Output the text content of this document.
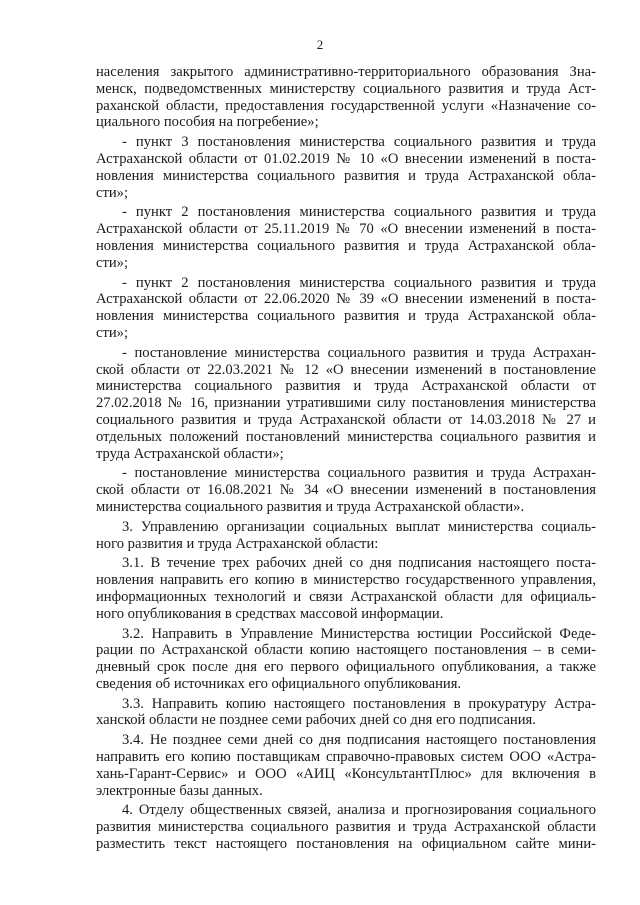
2
населения закрытого административно-территориального образования Зна-
менск, подведомственных министерству социального развития и труда Аст-
раханской области, предоставления государственной услуги «Назначение со-
циального пособия на погребение»;
- пункт 3 постановления министерства социального развития и труда
Астраханской области от 01.02.2019 № 10 «О внесении изменений в поста-
новления министерства социального развития и труда Астраханской обла-
сти»;
- пункт 2 постановления министерства социального развития и труда
Астраханской области от 25.11.2019 № 70 «О внесении изменений в поста-
новления министерства социального развития и труда Астраханской обла-
сти»;
- пункт 2 постановления министерства социального развития и труда
Астраханской области от 22.06.2020 № 39 «О внесении изменений в поста-
новления министерства социального развития и труда Астраханской обла-
сти»;
- постановление министерства социального развития и труда Астрахан-
ской области от 22.03.2021 № 12 «О внесении изменений в постановление
министерства социального развития и труда Астраханской области от
27.02.2018 № 16, признании утратившими силу постановления министерства
социального развития и труда Астраханской области от 14.03.2018 № 27 и
отдельных положений постановлений министерства социального развития и
труда Астраханской области»;
- постановление министерства социального развития и труда Астрахан-
ской области от 16.08.2021 № 34 «О внесении изменений в постановления
министерства социального развития и труда Астраханской области».
3. Управлению организации социальных выплат министерства социаль-
ного развития и труда Астраханской области:
3.1. В течение трех рабочих дней со дня подписания настоящего поста-
новления направить его копию в министерство государственного управления,
информационных технологий и связи Астраханской области для официаль-
ного опубликования в средствах массовой информации.
3.2. Направить в Управление Министерства юстиции Российской Феде-
рации по Астраханской области копию настоящего постановления – в семи-
дневный срок после дня его первого официального опубликования, а также
сведения об источниках его официального опубликования.
3.3. Направить копию настоящего постановления в прокуратуру Астра-
ханской области не позднее семи рабочих дней со дня его подписания.
3.4. Не позднее семи дней со дня подписания настоящего постановления
направить его копию поставщикам справочно-правовых систем ООО «Астра-
хань-Гарант-Сервис» и ООО «АИЦ «КонсультантПлюс» для включения в
электронные базы данных.
4. Отделу общественных связей, анализа и прогнозирования социального
развития министерства социального развития и труда Астраханской области
разместить текст настоящего постановления на официальном сайте мини-
